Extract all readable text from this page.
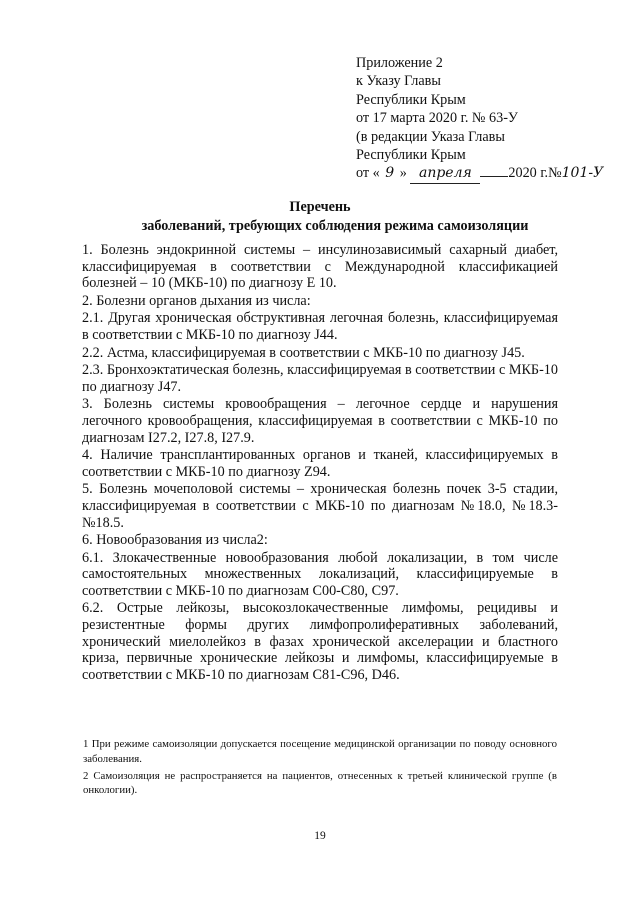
Приложение 2
к Указу Главы
Республики Крым
от 17 марта 2020 г. № 63-У
(в редакции Указа Главы
Республики Крым
от « 9 » апреля	2020 г.№101-У
Перечень
заболеваний, требующих соблюдения режима самоизоляции
1. Болезнь эндокринной системы – инсулинозависимый сахарный диабет, классифицируемая в соответствии с Международной классификацией болезней – 10 (МКБ-10) по диагнозу E 10.
2. Болезни органов дыхания из числа:
2.1. Другая хроническая обструктивная легочная болезнь, классифицируемая в соответствии с МКБ-10 по диагнозу J44.
2.2. Астма, классифицируемая в соответствии с МКБ-10 по диагнозу J45.
2.3. Бронхоэктатическая болезнь, классифицируемая в соответствии с МКБ-10 по диагнозу J47.
3. Болезнь системы кровообращения – легочное сердце и нарушения легочного кровообращения, классифицируемая в соответствии с МКБ-10 по диагнозам I27.2, I27.8, I27.9.
4. Наличие трансплантированных органов и тканей, классифицируемых в соответствии с МКБ-10 по диагнозу Z94.
5. Болезнь мочеполовой системы – хроническая болезнь почек 3-5 стадии, классифицируемая в соответствии с МКБ-10 по диагнозам №18.0, №18.3-№18.5.
6. Новообразования из числа2:
6.1. Злокачественные новообразования любой локализации, в том числе самостоятельных множественных локализаций, классифицируемые в соответствии с МКБ-10 по диагнозам С00-С80, С97.
6.2. Острые лейкозы, высокозлокачественные лимфомы, рецидивы и резистентные формы других лимфопролиферативных заболеваний, хронический миелолейкоз в фазах хронической акселерации и бластного криза, первичные хронические лейкозы и лимфомы, классифицируемые в соответствии с МКБ-10 по диагнозам С81-С96, D46.
1 При режиме самоизоляции допускается посещение медицинской организации по поводу основного заболевания.
2 Самоизоляция не распространяется на пациентов, отнесенных к третьей клинической группе (в онкологии).
19
